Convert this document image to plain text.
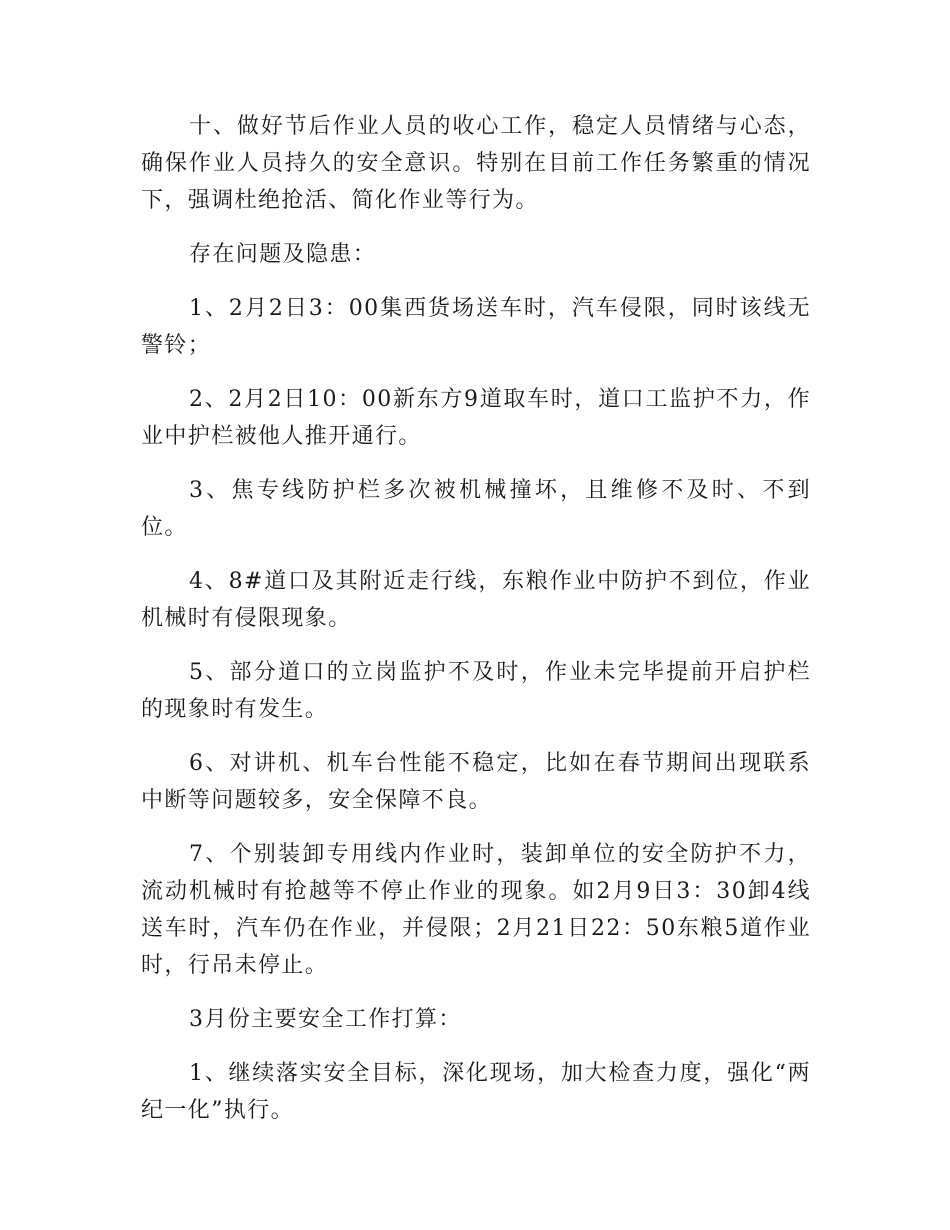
十、做好节后作业人员的收心工作，稳定人员情绪与心态，确保作业人员持久的安全意识。特别在目前工作任务繁重的情况下，强调杜绝抢活、简化作业等行为。

存在问题及隐患：

1、2月2日3：00集西货场送车时，汽车侵限，同时该线无警铃；

2、2月2日10：00新东方9道取车时，道口工监护不力，作业中护栏被他人推开通行。

3、焦专线防护栏多次被机械撞坏，且维修不及时、不到位。

4、8#道口及其附近走行线，东粮作业中防护不到位，作业机械时有侵限现象。

5、部分道口的立岗监护不及时，作业未完毕提前开启护栏的现象时有发生。

6、对讲机、机车台性能不稳定，比如在春节期间出现联系中断等问题较多，安全保障不良。

7、个别装卸专用线内作业时，装卸单位的安全防护不力，流动机械时有抢越等不停止作业的现象。如2月9日3：30卸4线送车时，汽车仍在作业，并侵限；2月21日22：50东粮5道作业时，行吊未停止。

3月份主要安全工作打算：

1、继续落实安全目标，深化现场，加大检查力度，强化“两纪一化”执行。
